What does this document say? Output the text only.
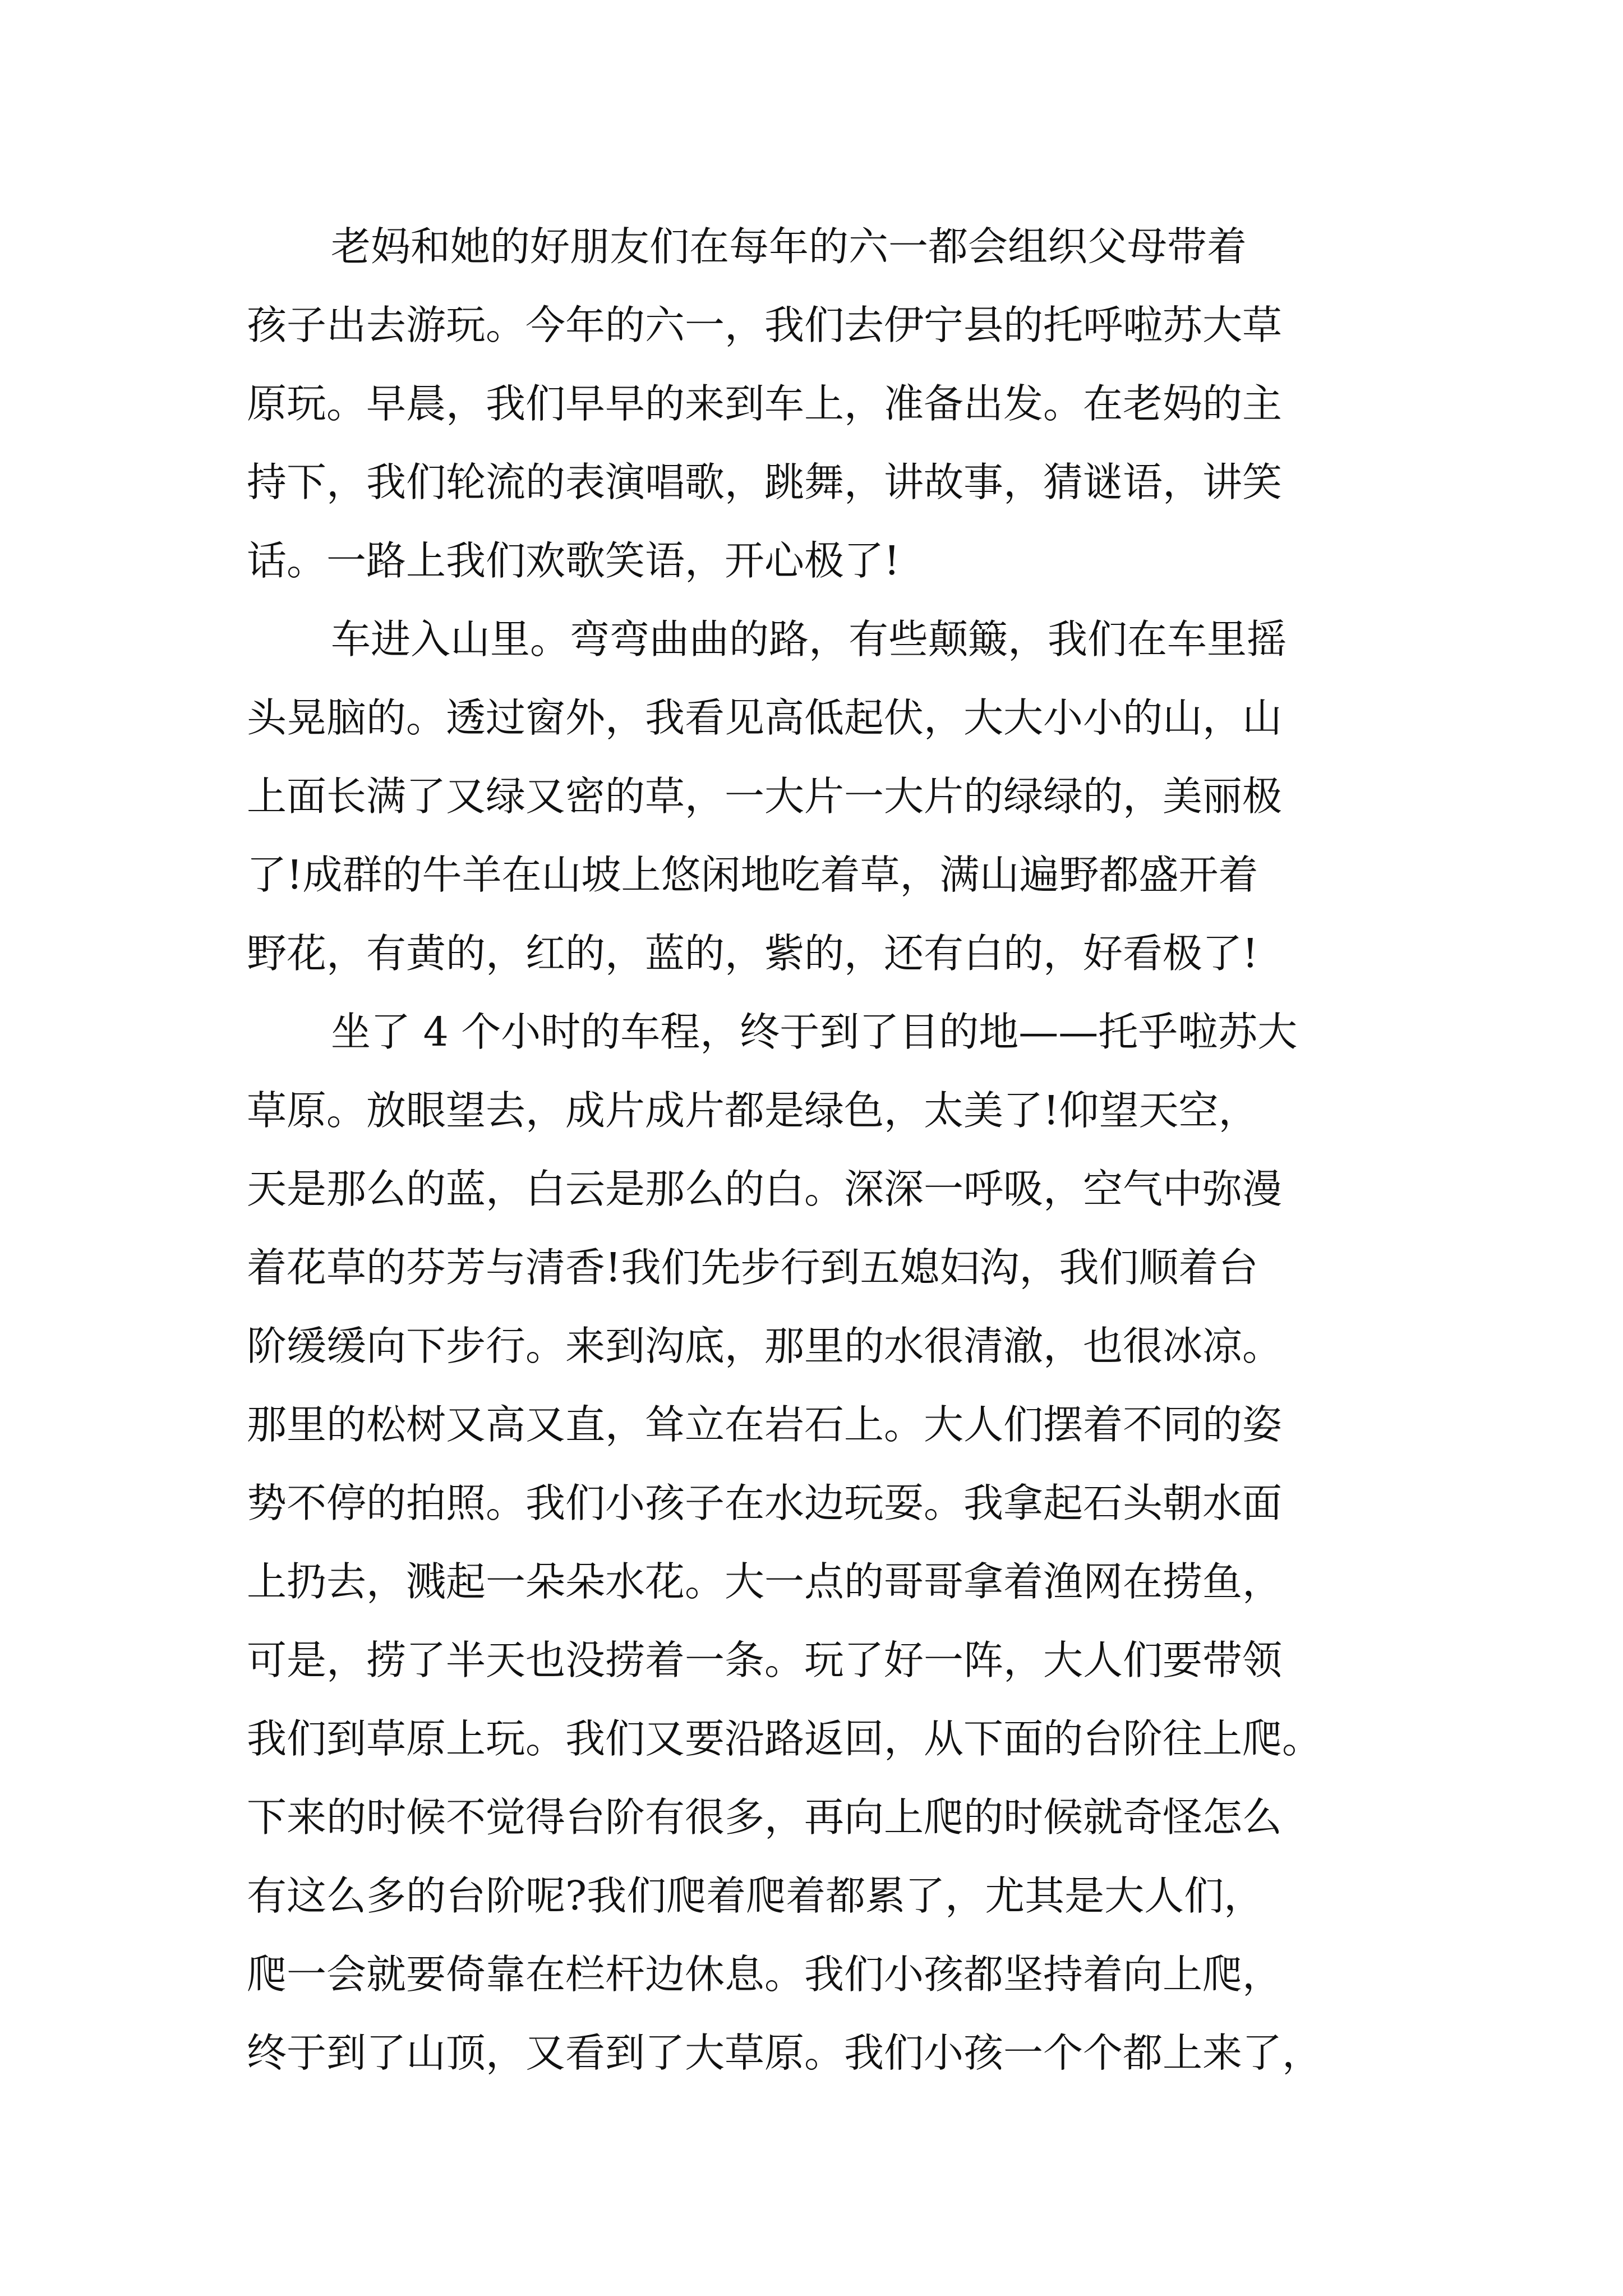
老妈和她的好朋友们在每年的六一都会组织父母带着
孩子出去游玩。今年的六一，我们去伊宁县的托呼啦苏大草
原玩。早晨，我们早早的来到车上，准备出发。在老妈的主
持下，我们轮流的表演唱歌，跳舞，讲故事，猜谜语，讲笑
话。一路上我们欢歌笑语，开心极了!
车进入山里。弯弯曲曲的路，有些颠簸，我们在车里摇
头晃脑的。透过窗外，我看见高低起伏，大大小小的山，山
上面长满了又绿又密的草，一大片一大片的绿绿的，美丽极
了!成群的牛羊在山坡上悠闲地吃着草，满山遍野都盛开着
野花，有黄的，红的，蓝的，紫的，还有白的，好看极了!
坐了 4 个小时的车程，终于到了目的地——托乎啦苏大
草原。放眼望去，成片成片都是绿色，太美了!仰望天空，
天是那么的蓝，白云是那么的白。深深一呼吸，空气中弥漫
着花草的芬芳与清香!我们先步行到五媳妇沟，我们顺着台
阶缓缓向下步行。来到沟底，那里的水很清澈，也很冰凉。
那里的松树又高又直，耸立在岩石上。大人们摆着不同的姿
势不停的拍照。我们小孩子在水边玩耍。我拿起石头朝水面
上扔去，溅起一朵朵水花。大一点的哥哥拿着渔网在捞鱼，
可是，捞了半天也没捞着一条。玩了好一阵，大人们要带领
我们到草原上玩。我们又要沿路返回，从下面的台阶往上爬。
下来的时候不觉得台阶有很多，再向上爬的时候就奇怪怎么
有这么多的台阶呢?我们爬着爬着都累了，尤其是大人们，
爬一会就要倚靠在栏杆边休息。我们小孩都坚持着向上爬，
终于到了山顶，又看到了大草原。我们小孩一个个都上来了，
